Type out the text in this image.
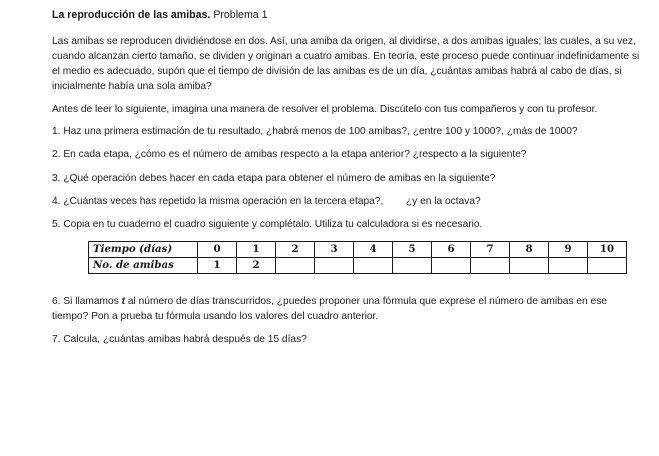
La reproducción de las amibas. Problema 1

Las amibas se reproducen dividiéndose en dos. Así, una amiba da origen, al dividirse, a dos amibas iguales; las cuales, a su vez, cuando alcanzan cierto tamaño, se dividen y originan a cuatro amibas. En teoría, este proceso puede continuar indefinidamente si el medio es adecuado, supón que el tiempo de división de las amibas es de un día, ¿cuántas amibas habrá al cabo de días, si inicialmente había una sola amiba?

Antes de leer lo siguiente, imagina una manera de resolver el problema. Discútelo con tus compañeros y con tu profesor.

1. Haz una primera estimación de tu resultado, ¿habrá menos de 100 amibas?, ¿entre 100 y 1000?, ¿más de 1000?

2. En cada etapa, ¿cómo es el número de amibas respecto a la etapa anterior? ¿respecto a la siguiente?

3. ¿Qué operación debes hacer en cada etapa para obtener el número de amibas en la siguiente?

4. ¿Cuántas veces has repetido la misma operación en la tercera etapa?,        ¿y en la octava?

5. Copia en tu cuaderno el cuadro siguiente y complétalo. Utiliza tu calculadora si es necesario.

Tiempo (días)	0	1	2	3	4	5	6	7	8	9	10
No. de amibas	1	2									

6. Si llamamos t al número de días transcurridos, ¿puedes proponer una fórmula que exprese el número de amibas en ese tiempo? Pon a prueba tu fórmula usando los valores del cuadro anterior.

7. Calcula, ¿cuántas amibas habrá después de 15 días?
